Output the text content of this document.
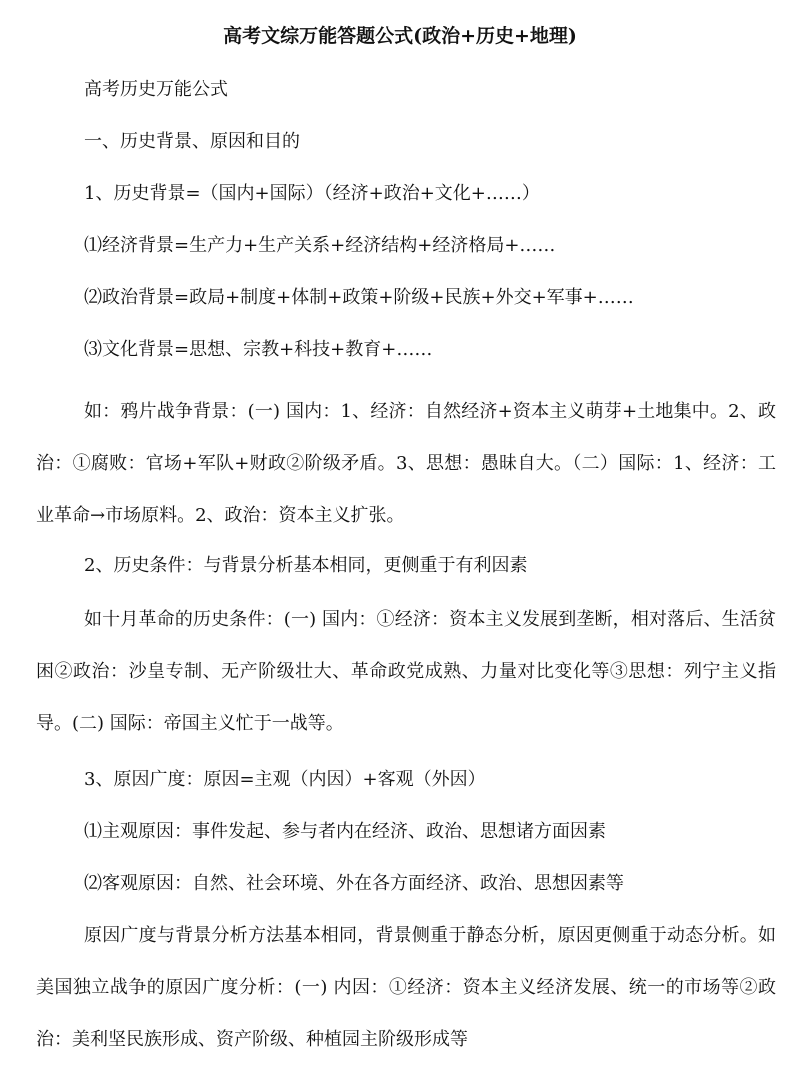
高考文综万能答题公式(政治+历史+地理)
高考历史万能公式
一、历史背景、原因和目的
1、历史背景=（国内+国际）（经济+政治+文化+……）
⑴经济背景=生产力+生产关系+经济结构+经济格局+……
⑵政治背景=政局+制度+体制+政策+阶级+民族+外交+军事+……
⑶文化背景=思想、宗教+科技+教育+……
如：鸦片战争背景：(一) 国内：1、经济：自然经济+资本主义萌芽+土地集中。2、政治：①腐败：官场+军队+财政②阶级矛盾。3、思想：愚昧自大。（二）国际：1、经济：工业革命→市场原料。2、政治：资本主义扩张。
2、历史条件：与背景分析基本相同，更侧重于有利因素
如十月革命的历史条件：(一) 国内：①经济：资本主义发展到垄断，相对落后、生活贫困②政治：沙皇专制、无产阶级壮大、革命政党成熟、力量对比变化等③思想：列宁主义指导。(二) 国际：帝国主义忙于一战等。
3、原因广度：原因=主观（内因）+客观（外因）
⑴主观原因：事件发起、参与者内在经济、政治、思想诸方面因素
⑵客观原因：自然、社会环境、外在各方面经济、政治、思想因素等
原因广度与背景分析方法基本相同，背景侧重于静态分析，原因更侧重于动态分析。如美国独立战争的原因广度分析：(一) 内因：①经济：资本主义经济发展、统一的市场等②政治：美利坚民族形成、资产阶级、种植园主阶级形成等
